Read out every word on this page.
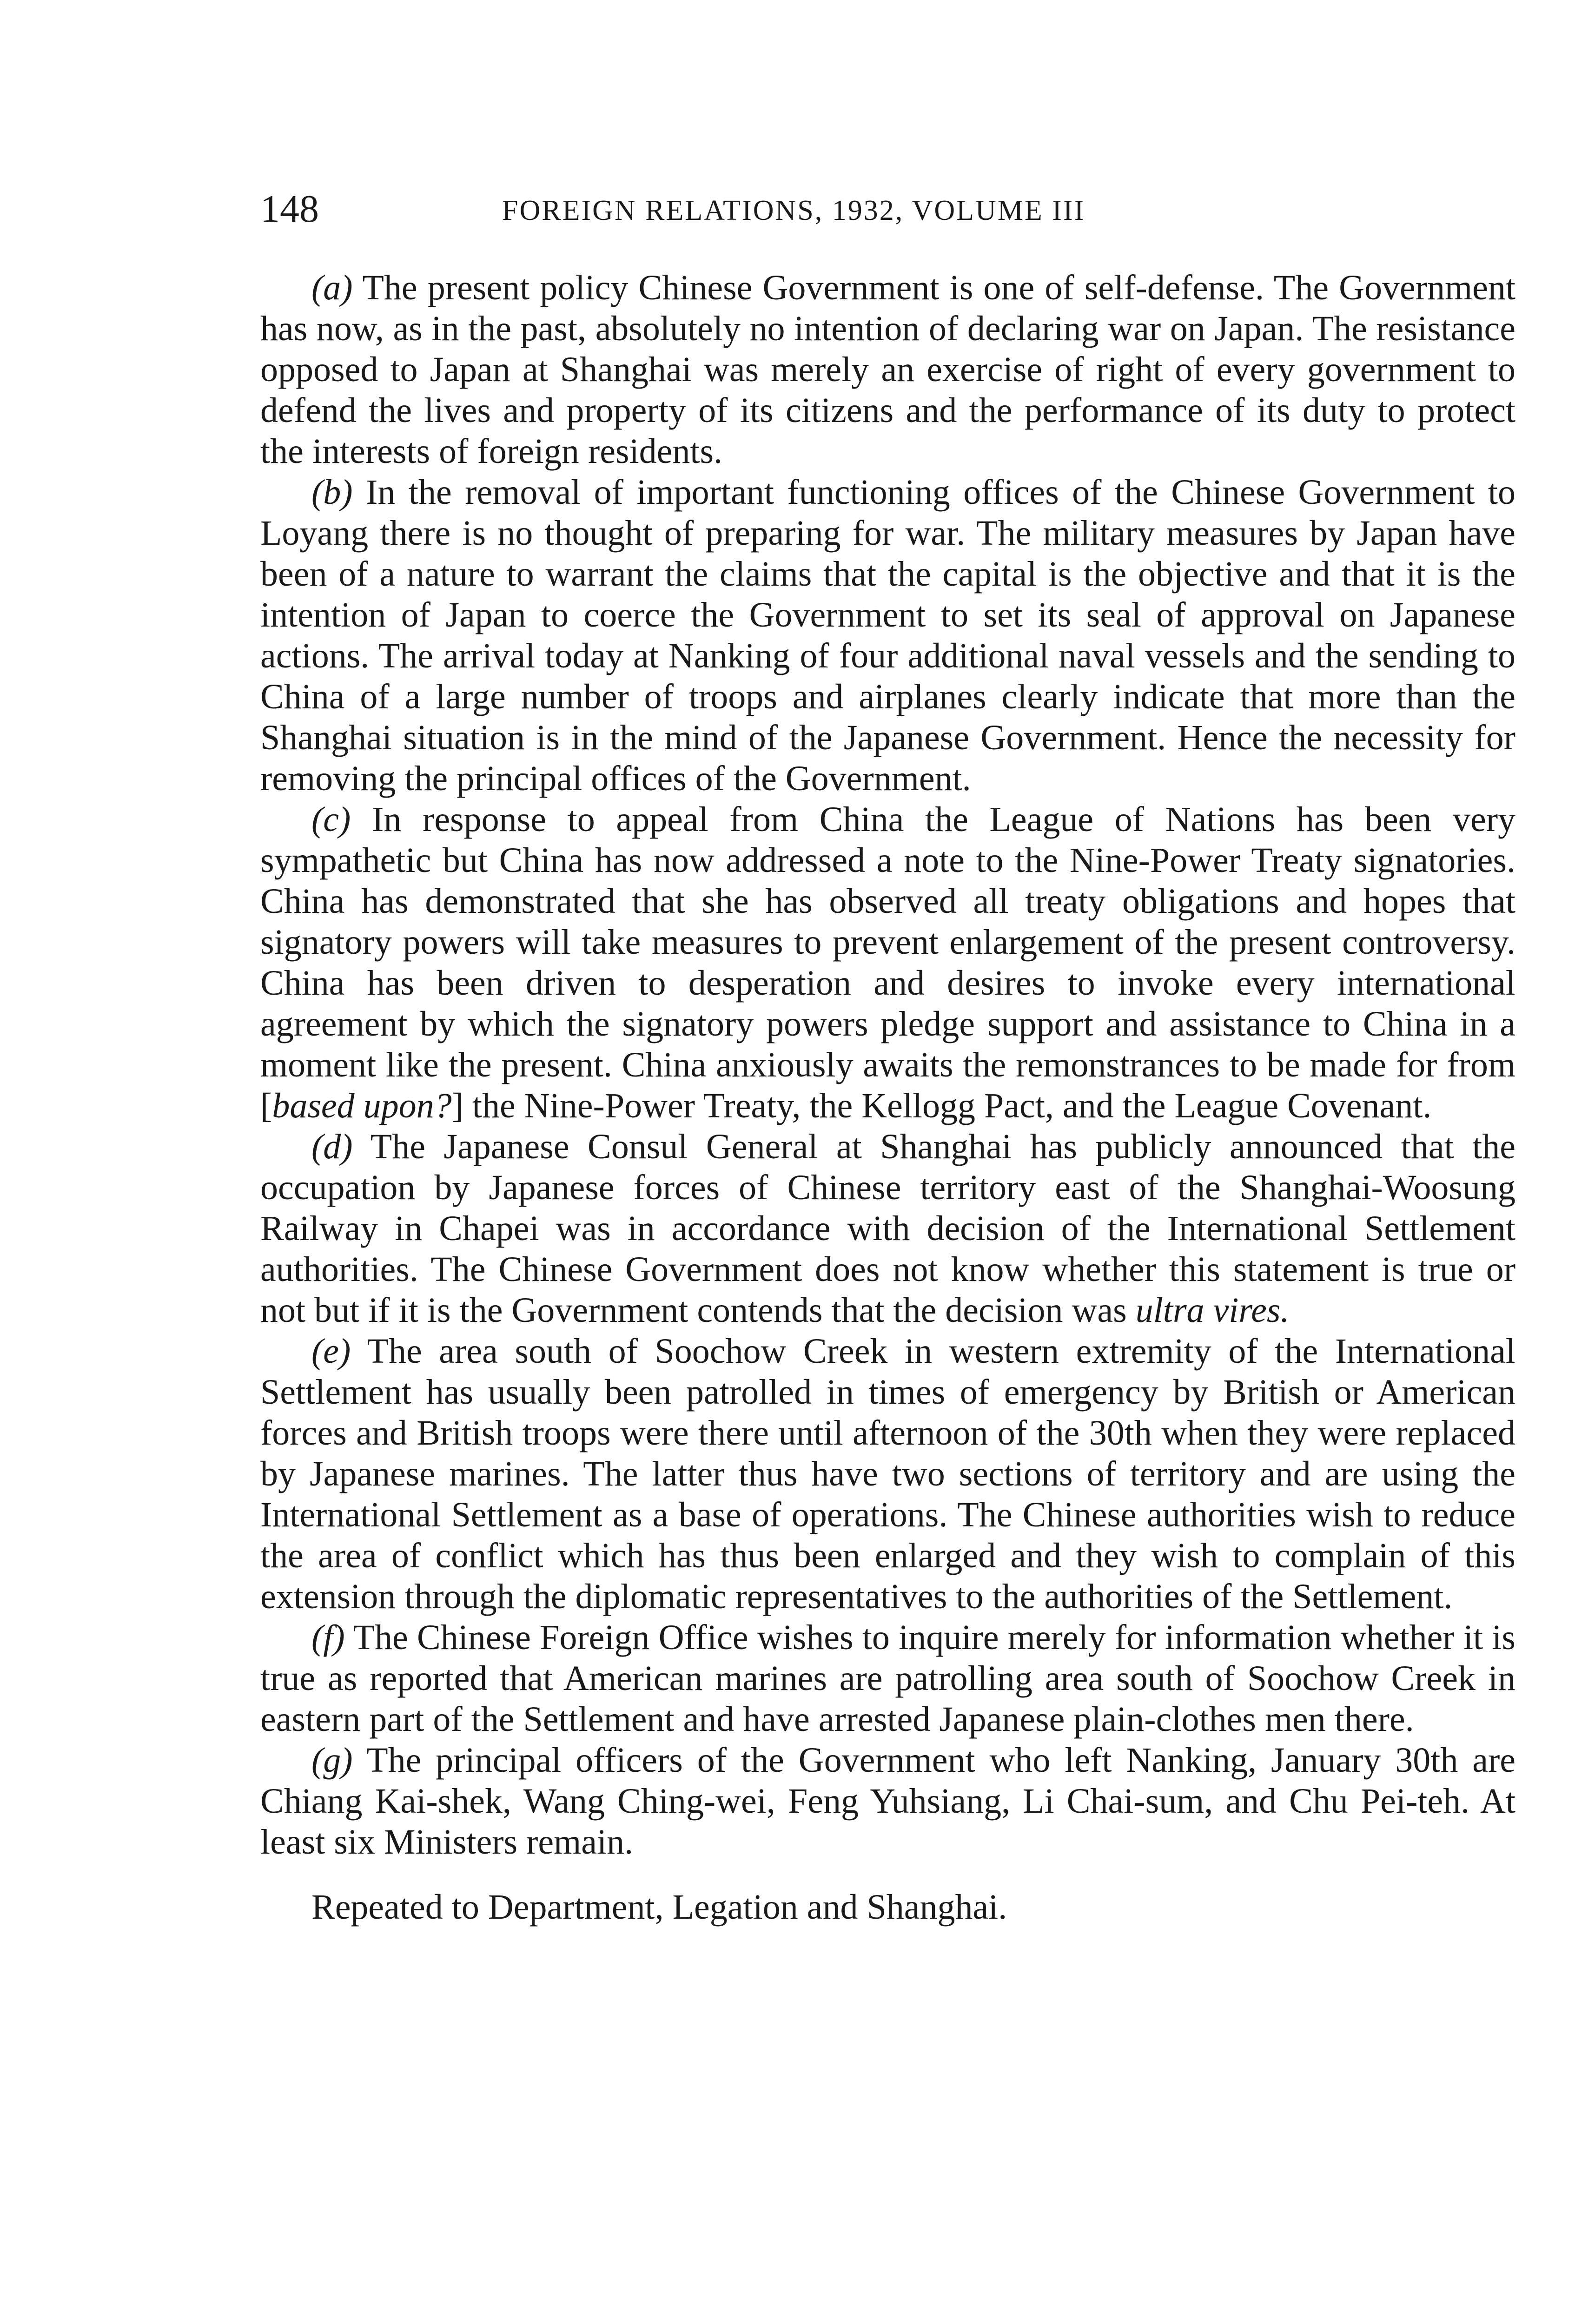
148	FOREIGN RELATIONS, 1932, VOLUME III

(a) The present policy Chinese Government is one of self-defense. The Government has now, as in the past, absolutely no intention of declaring war on Japan. The resistance opposed to Japan at Shanghai was merely an exercise of right of every government to defend the lives and property of its citizens and the performance of its duty to protect the interests of foreign residents.

(b) In the removal of important functioning offices of the Chinese Government to Loyang there is no thought of preparing for war. The military measures by Japan have been of a nature to warrant the claims that the capital is the objective and that it is the intention of Japan to coerce the Government to set its seal of approval on Japanese actions. The arrival today at Nanking of four additional naval vessels and the sending to China of a large number of troops and airplanes clearly indicate that more than the Shanghai situation is in the mind of the Japanese Government. Hence the necessity for removing the principal offices of the Government.

(c) In response to appeal from China the League of Nations has been very sympathetic but China has now addressed a note to the Nine-Power Treaty signatories. China has demonstrated that she has observed all treaty obligations and hopes that signatory powers will take measures to prevent enlargement of the present controversy. China has been driven to desperation and desires to invoke every international agreement by which the signatory powers pledge support and assistance to China in a moment like the present. China anxiously awaits the remonstrances to be made for from [based upon?] the Nine-Power Treaty, the Kellogg Pact, and the League Covenant.

(d) The Japanese Consul General at Shanghai has publicly announced that the occupation by Japanese forces of Chinese territory east of the Shanghai-Woosung Railway in Chapei was in accordance with decision of the International Settlement authorities. The Chinese Government does not know whether this statement is true or not but if it is the Government contends that the decision was ultra vires.

(e) The area south of Soochow Creek in western extremity of the International Settlement has usually been patrolled in times of emergency by British or American forces and British troops were there until afternoon of the 30th when they were replaced by Japanese marines. The latter thus have two sections of territory and are using the International Settlement as a base of operations. The Chinese authorities wish to reduce the area of conflict which has thus been enlarged and they wish to complain of this extension through the diplomatic representatives to the authorities of the Settlement.

(f) The Chinese Foreign Office wishes to inquire merely for information whether it is true as reported that American marines are patrolling area south of Soochow Creek in eastern part of the Settlement and have arrested Japanese plain-clothes men there.

(g) The principal officers of the Government who left Nanking, January 30th are Chiang Kai-shek, Wang Ching-wei, Feng Yuhsiang, Li Chai-sum, and Chu Pei-teh. At least six Ministers remain.

Repeated to Department, Legation and Shanghai.
